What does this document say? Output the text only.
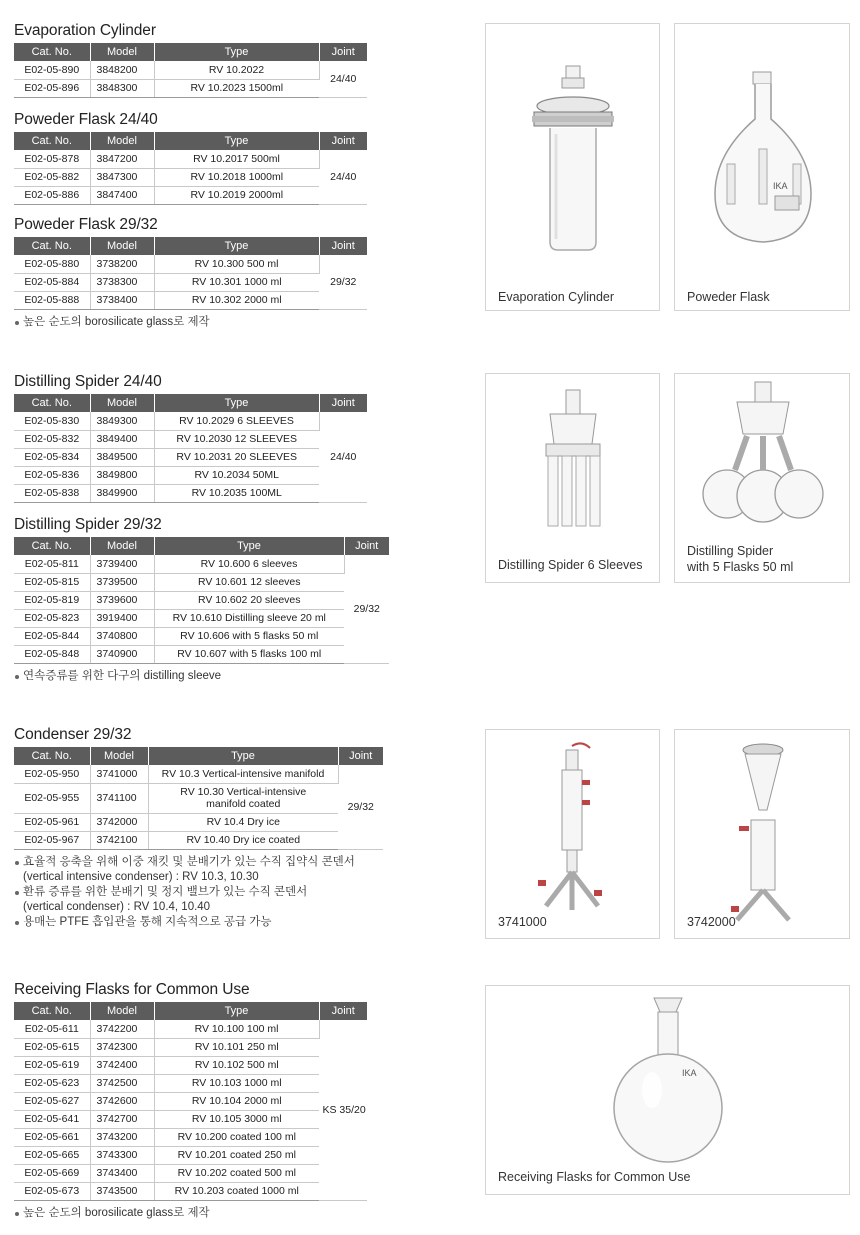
Evaporation Cylinder
Cat. No.	Model	Type	Joint
E02-05-890	3848200	RV 10.2022	24/40
E02-05-896	3848300	RV 10.2023 1500ml	
Poweder Flask 24/40
Cat. No.	Model	Type	Joint
E02-05-878	3847200	RV 10.2017 500ml	24/40
E02-05-882	3847300	RV 10.2018 1000ml	
E02-05-886	3847400	RV 10.2019 2000ml	
Poweder Flask 29/32
Cat. No.	Model	Type	Joint
E02-05-880	3738200	RV 10.300 500 ml	29/32
E02-05-884	3738300	RV 10.301 1000 ml	
E02-05-888	3738400	RV 10.302 2000 ml	
높은 순도의 borosilicate glass로 제작
Distilling Spider 24/40
Cat. No.	Model	Type	Joint
E02-05-830	3849300	RV 10.2029 6 SLEEVES	24/40
E02-05-832	3849400	RV 10.2030 12 SLEEVES	
E02-05-834	3849500	RV 10.2031 20 SLEEVES	
E02-05-836	3849800	RV 10.2034 50ML	
E02-05-838	3849900	RV 10.2035 100ML	
Distilling Spider 29/32
Cat. No.	Model	Type	Joint
E02-05-811	3739400	RV 10.600 6 sleeves	29/32
E02-05-815	3739500	RV 10.601 12 sleeves	
E02-05-819	3739600	RV 10.602 20 sleeves	
E02-05-823	3919400	RV 10.610 Distilling sleeve 20 ml	
E02-05-844	3740800	RV 10.606 with 5 flasks 50 ml	
E02-05-848	3740900	RV 10.607 with 5 flasks 100 ml	
연속증류를 위한 다구의 distilling sleeve
Condenser 29/32
Cat. No.	Model	Type	Joint
E02-05-950	3741000	RV 10.3 Vertical-intensive manifold	29/32
E02-05-955	3741100	RV 10.30 Vertical-intensive
manifold coated	
E02-05-961	3742000	RV 10.4 Dry ice	
E02-05-967	3742100	RV 10.40 Dry ice coated	
효율적 응축을 위해 이중 재킷 및 분배기가 있는 수직 집약식 콘덴서
(vertical intensive condenser) : RV 10.3, 10.30
환류 증류를 위한 분배기 및 정지 밸브가 있는 수직 콘덴서
(vertical condenser) : RV 10.4, 10.40
용매는 PTFE 흡입관을 통해 지속적으로 공급 가능
Receiving Flasks for Common Use
Cat. No.	Model	Type	Joint
E02-05-611	3742200	RV 10.100 100 ml	KS 35/20
E02-05-615	3742300	RV 10.101 250 ml	
E02-05-619	3742400	RV 10.102 500 ml	
E02-05-623	3742500	RV 10.103 1000 ml	
E02-05-627	3742600	RV 10.104 2000 ml	
E02-05-641	3742700	RV 10.105 3000 ml	
E02-05-661	3743200	RV 10.200 coated 100 ml	
E02-05-665	3743300	RV 10.201 coated 250 ml	
E02-05-669	3743400	RV 10.202 coated 500 ml	
E02-05-673	3743500	RV 10.203 coated 1000 ml	
높은 순도의 borosilicate glass로 제작
Evaporation Cylinder
IKA
Poweder Flask
Distilling Spider 6 Sleeves
Distilling Spider
with 5 Flasks 50 ml
3741000	3742000
IKA
Receiving Flasks for Common Use
